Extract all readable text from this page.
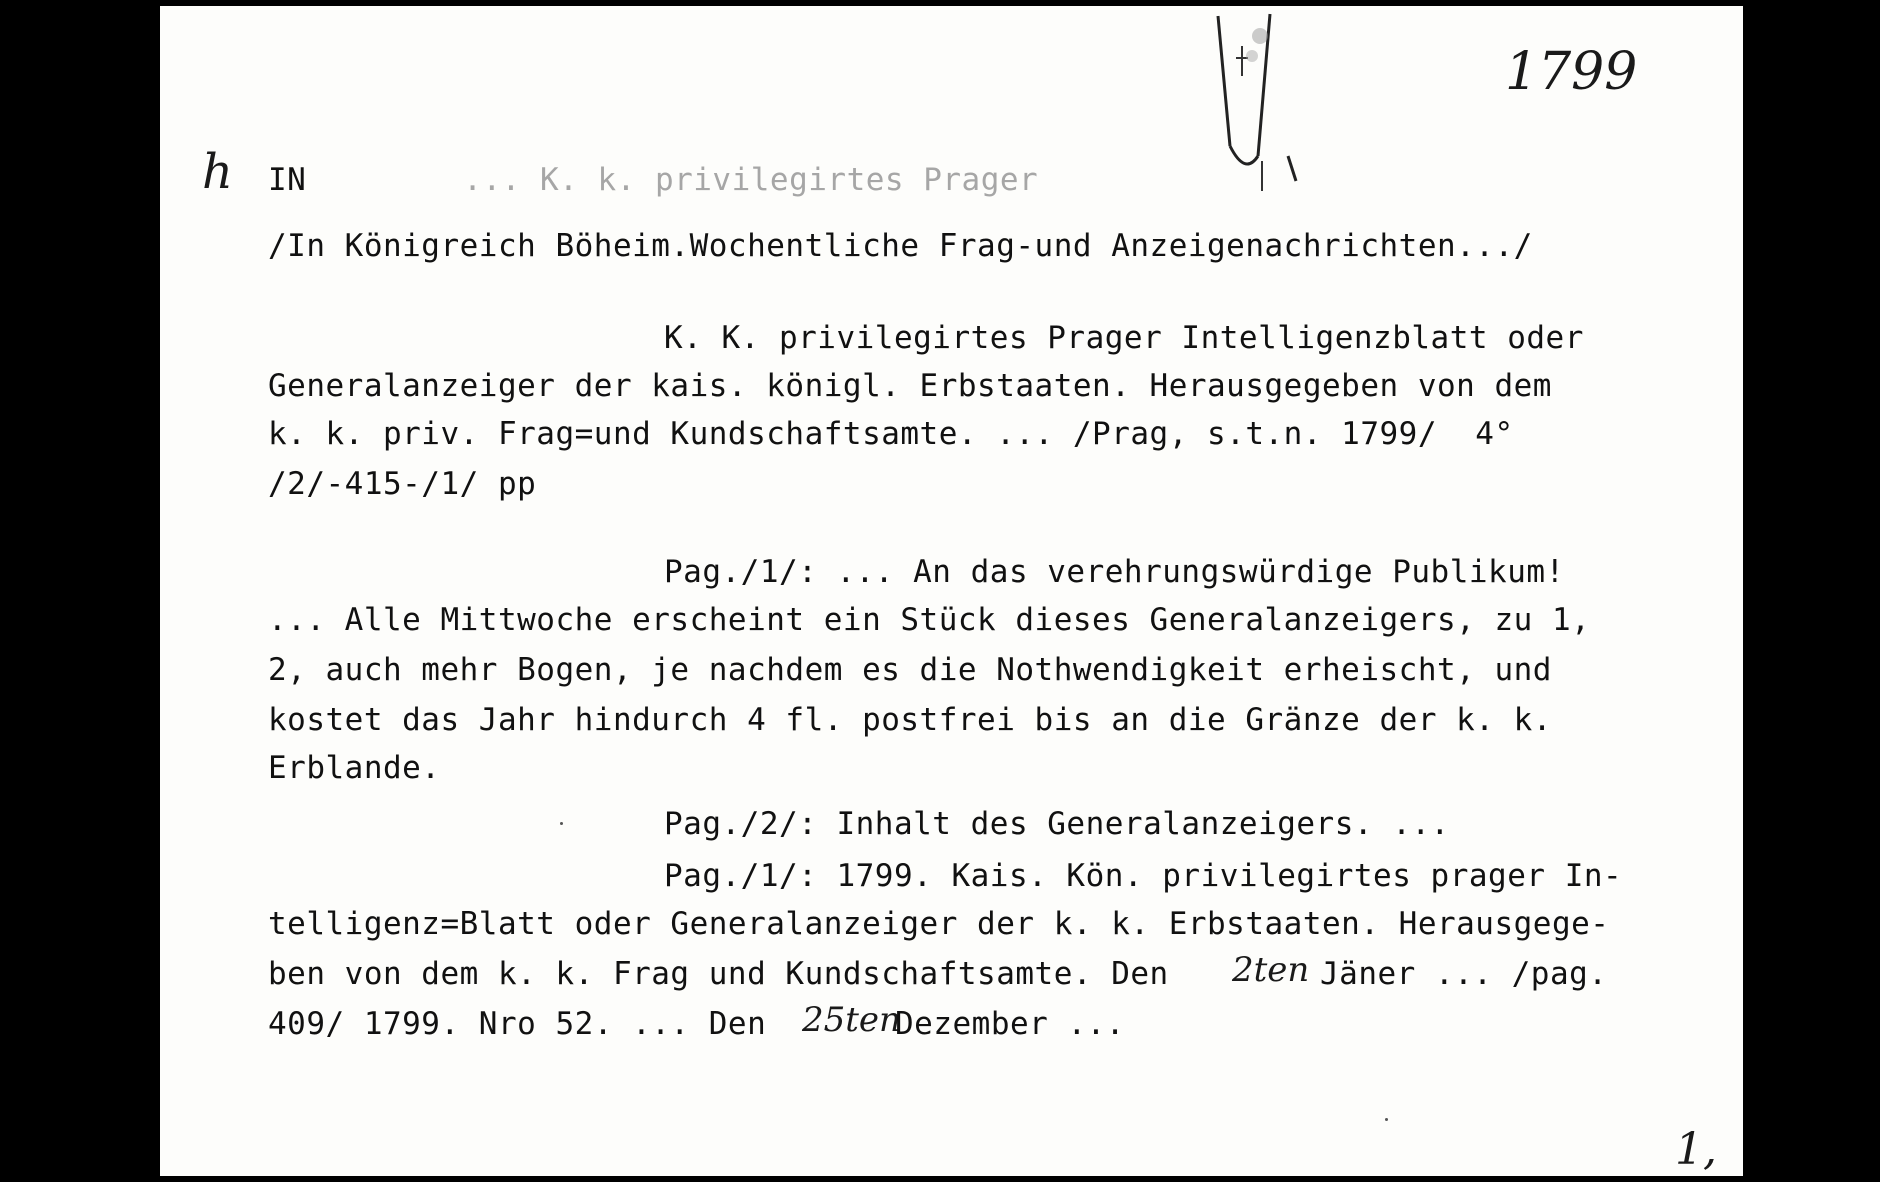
1799
h IN ... K. k. privilegirtes Prager
/In Königreich Böheim.Wochentliche Frag-und Anzeigenachrichten.../
K. K. privilegirtes Prager Intelligenzblatt oder
Generalanzeiger der kais. königl. Erbstaaten. Herausgegeben von dem
k. k. priv. Frag=und Kundschaftsamte. ... /Prag, s.t.n. 1799/  4°
/2/-415-/1/ pp
Pag./1/: ... An das verehrungswürdige Publikum!
... Alle Mittwoche erscheint ein Stück dieses Generalanzeigers, zu 1,
2, auch mehr Bogen, je nachdem es die Nothwendigkeit erheischt, und
kostet das Jahr hindurch 4 fl. postfrei bis an die Gränze der k. k.
Erblande.
Pag./2/: Inhalt des Generalanzeigers. ...
Pag./1/: 1799. Kais. Kön. privilegirtes prager In-
telligenz=Blatt oder Generalanzeiger der k. k. Erbstaaten. Herausgege-
ben von dem k. k. Frag und Kundschaftsamte. Den 2ten Jäner ... /pag.
409/ 1799. Nro 52. ... Den 25ten
Dezember ...
1,
